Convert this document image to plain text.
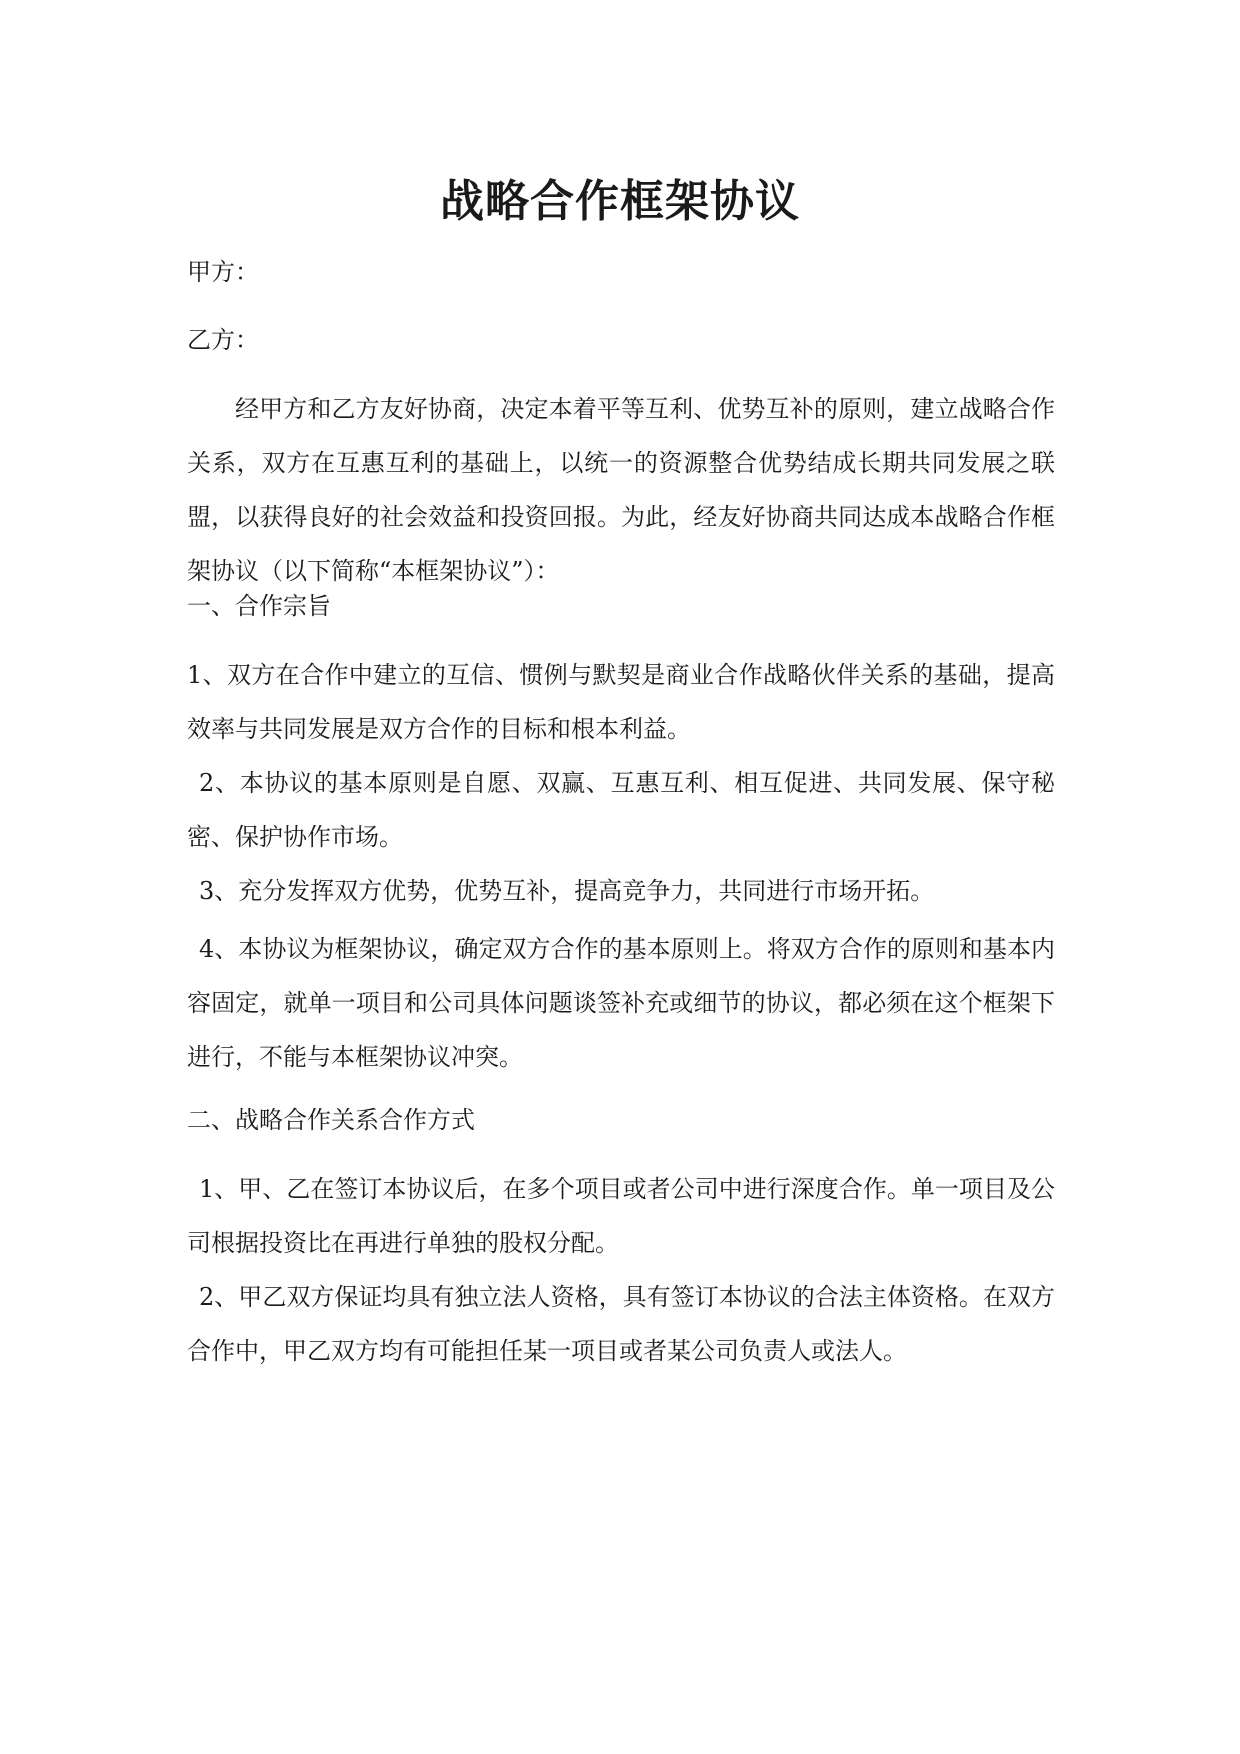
战略合作框架协议

甲方：

乙方：

经甲方和乙方友好协商，决定本着平等互利、优势互补的原则，建立战略合作关系，双方在互惠互利的基础上，以统一的资源整合优势结成长期共同发展之联盟，以获得良好的社会效益和投资回报。为此，经友好协商共同达成本战略合作框架协议（以下简称“本框架协议”）：

一、合作宗旨

1、双方在合作中建立的互信、惯例与默契是商业合作战略伙伴关系的基础，提高效率与共同发展是双方合作的目标和根本利益。

2、本协议的基本原则是自愿、双赢、互惠互利、相互促进、共同发展、保守秘密、保护协作市场。

3、充分发挥双方优势，优势互补，提高竞争力，共同进行市场开拓。

4、本协议为框架协议，确定双方合作的基本原则上。将双方合作的原则和基本内容固定，就单一项目和公司具体问题谈签补充或细节的协议，都必须在这个框架下进行，不能与本框架协议冲突。

二、战略合作关系合作方式

1、甲、乙在签订本协议后，在多个项目或者公司中进行深度合作。单一项目及公司根据投资比在再进行单独的股权分配。

2、甲乙双方保证均具有独立法人资格，具有签订本协议的合法主体资格。在双方合作中，甲乙双方均有可能担任某一项目或者某公司负责人或法人。
